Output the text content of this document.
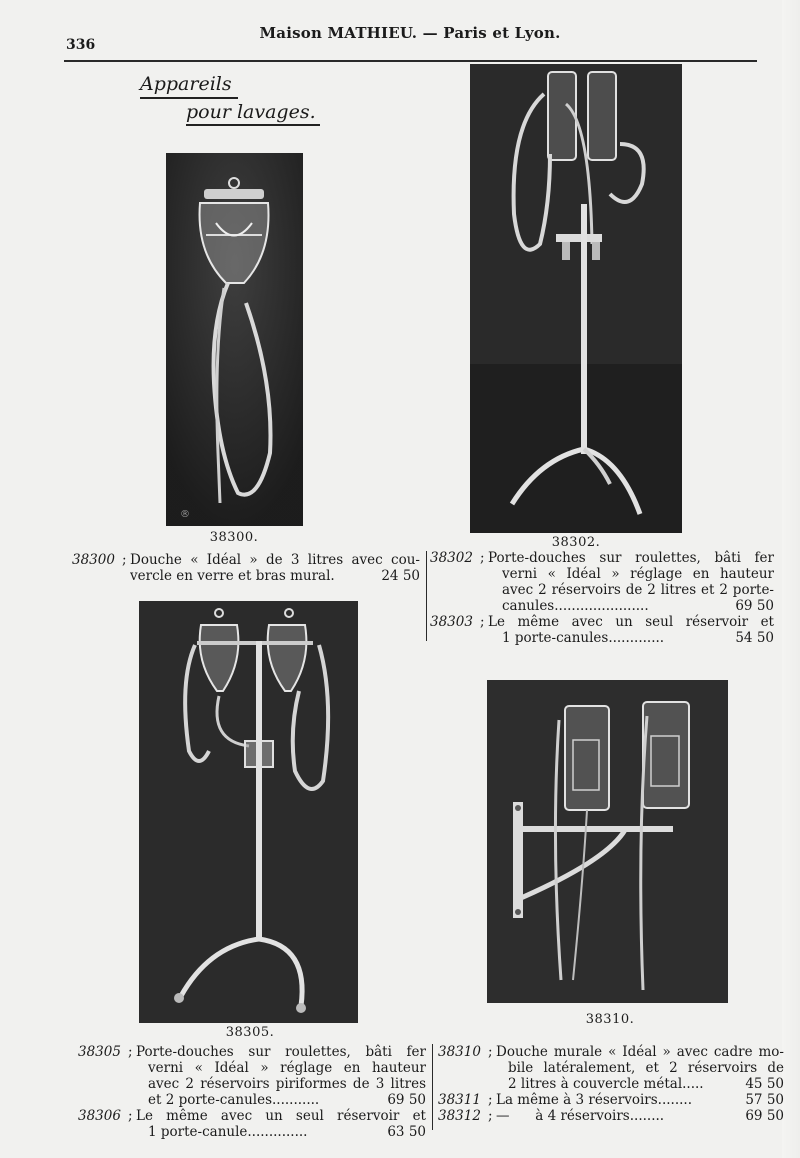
336
Maison MATHIEU. — Paris et Lyon.
Appareils
pour lavages.
®
38300.	38302.
38300 ; Douche « Idéal » de 3 litres avec cou-
vercle en verre et bras mural.	24 50
38302 ; Porte-douches sur roulettes, bâti fer
verni « Idéal » réglage en hauteur
avec 2 réservoirs de 2 litres et 2 porte-
canules......................	69 50
38303 ; Le même avec un seul réservoir et
1 porte-canules.............	54 50
38305.
38310.
38305 ; Porte-douches sur roulettes, bâti fer
verni « Idéal » réglage en hauteur
avec 2 réservoirs piriformes de 3 litres
et 2 porte-canules...........	69 50
38306 ; Le même avec un seul réservoir et
1 porte-canule..............	63 50
38310 ; Douche murale « Idéal » avec cadre mo-
bile latéralement, et 2 réservoirs de
2 litres à couvercle métal.....	45 50
38311 ; La même à 3 réservoirs........	57 50
38312 ; —      à 4 réservoirs........	69 50
